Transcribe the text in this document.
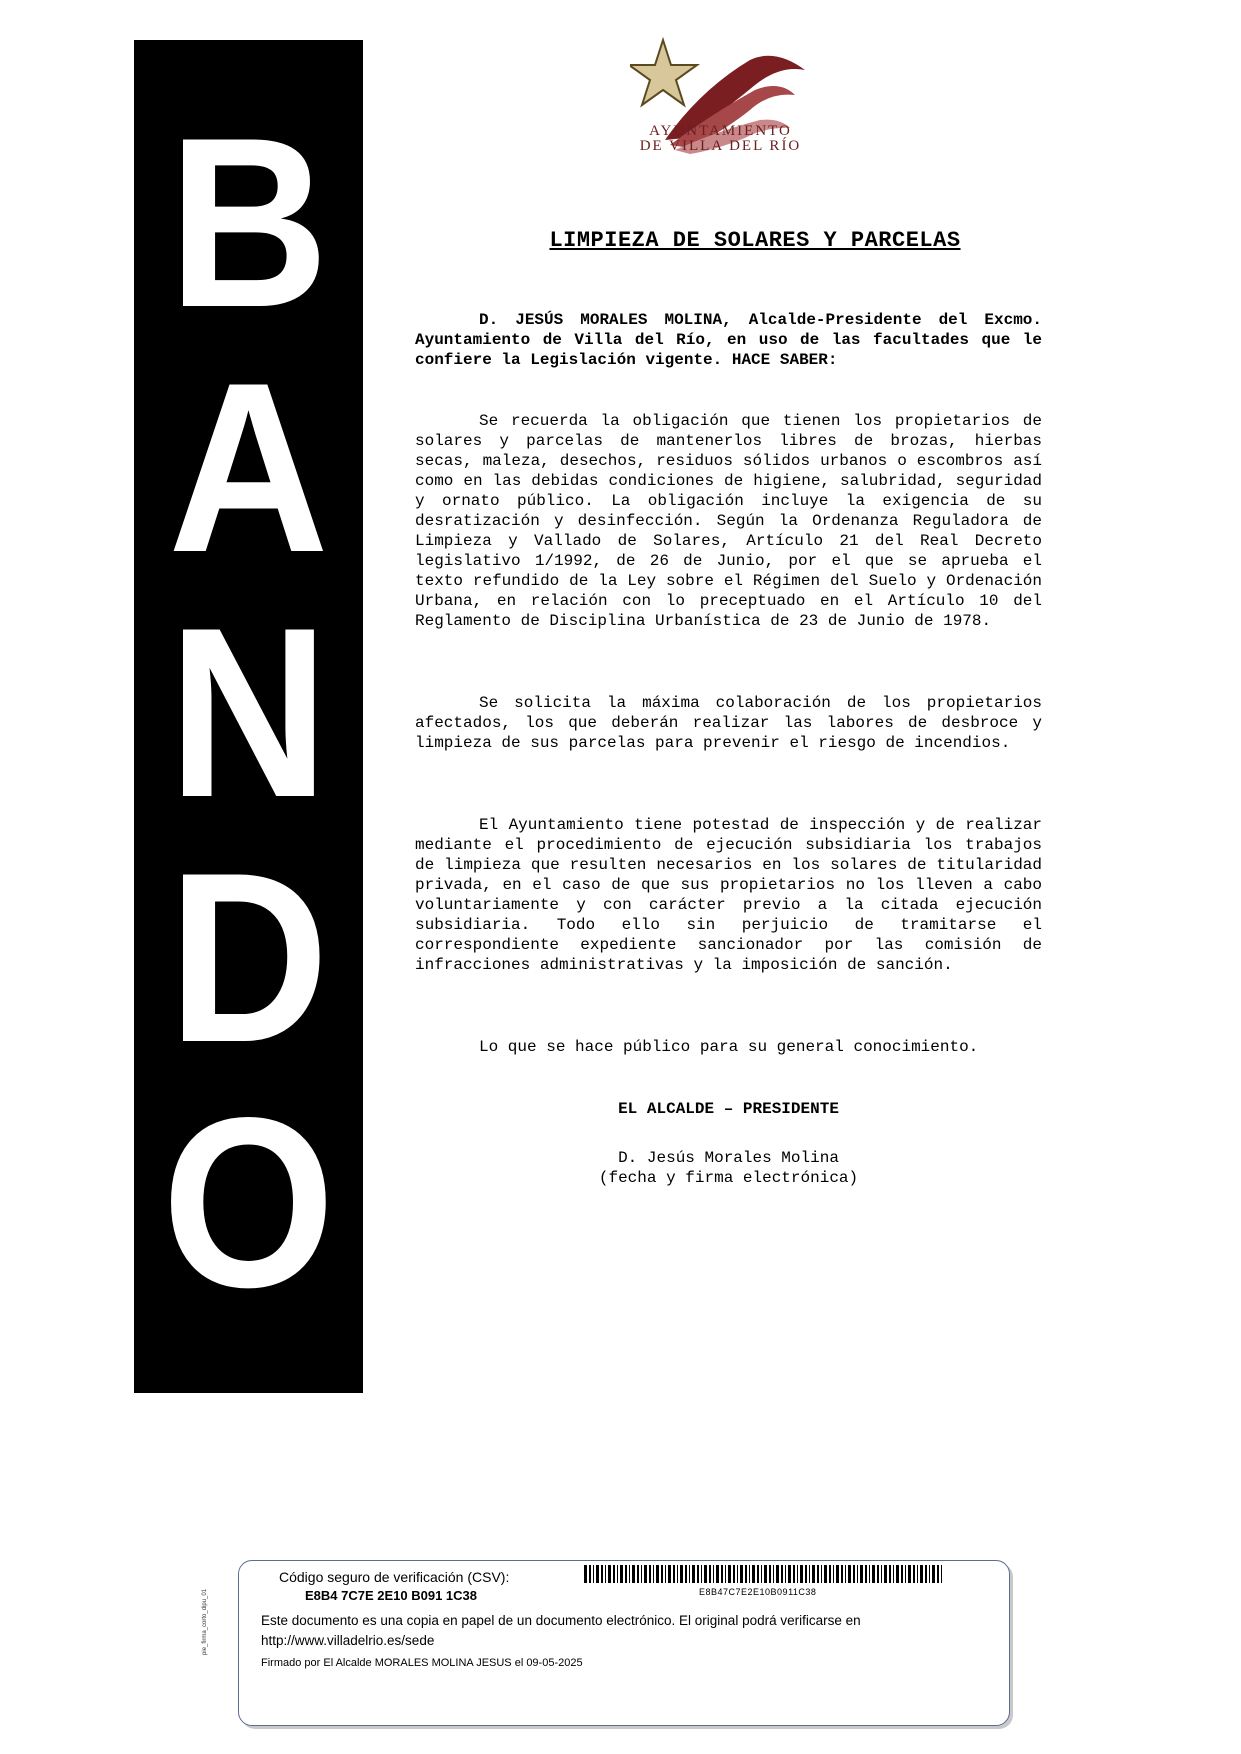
B
A
N
D
O
AYUNTAMIENTO
DE VILLA DEL RÍO
LIMPIEZA DE SOLARES Y PARCELAS

D. JESÚS MORALES MOLINA, Alcalde-Presidente del Excmo. Ayuntamiento de Villa del Río, en uso de las facultades que le confiere la Legislación vigente. HACE SABER:

Se recuerda la obligación que tienen los propietarios de solares y parcelas de mantenerlos libres de brozas, hierbas secas, maleza, desechos, residuos sólidos urbanos o escombros así como en las debidas condiciones de higiene, salubridad, seguridad y ornato público. La obligación incluye la exigencia de su desratización y desinfección. Según la Ordenanza Reguladora de Limpieza y Vallado de Solares, Artículo 21 del Real Decreto legislativo 1/1992, de 26 de Junio, por el que se aprueba el texto refundido de la Ley sobre el Régimen del Suelo y Ordenación Urbana, en relación con lo preceptuado en el Artículo 10 del Reglamento de Disciplina Urbanística de 23 de Junio de 1978.

Se solicita la máxima colaboración de los propietarios afectados, los que deberán realizar las labores de desbroce y limpieza de sus parcelas para prevenir el riesgo de incendios.

El Ayuntamiento tiene potestad de inspección y de realizar mediante el procedimiento de ejecución subsidiaria los trabajos de limpieza que resulten necesarios en los solares de titularidad privada, en el caso de que sus propietarios no los lleven a cabo voluntariamente y con carácter previo a la citada ejecución subsidiaria. Todo ello sin perjuicio de tramitarse el correspondiente expediente sancionador por las comisión de infracciones administrativas y la imposición de sanción.

Lo que se hace público para su general conocimiento.

EL ALCALDE – PRESIDENTE
D. Jesús Morales Molina
(fecha y firma electrónica)
pie_firma_corto_dipu_01
Código seguro de verificación (CSV):
E8B4 7C7E 2E10 B091 1C38	E8B47C7E2E10B0911C38
Este documento es una copia en papel de un documento electrónico. El original podrá verificarse en
http://www.villadelrio.es/sede
Firmado por El Alcalde MORALES MOLINA JESUS el 09-05-2025
